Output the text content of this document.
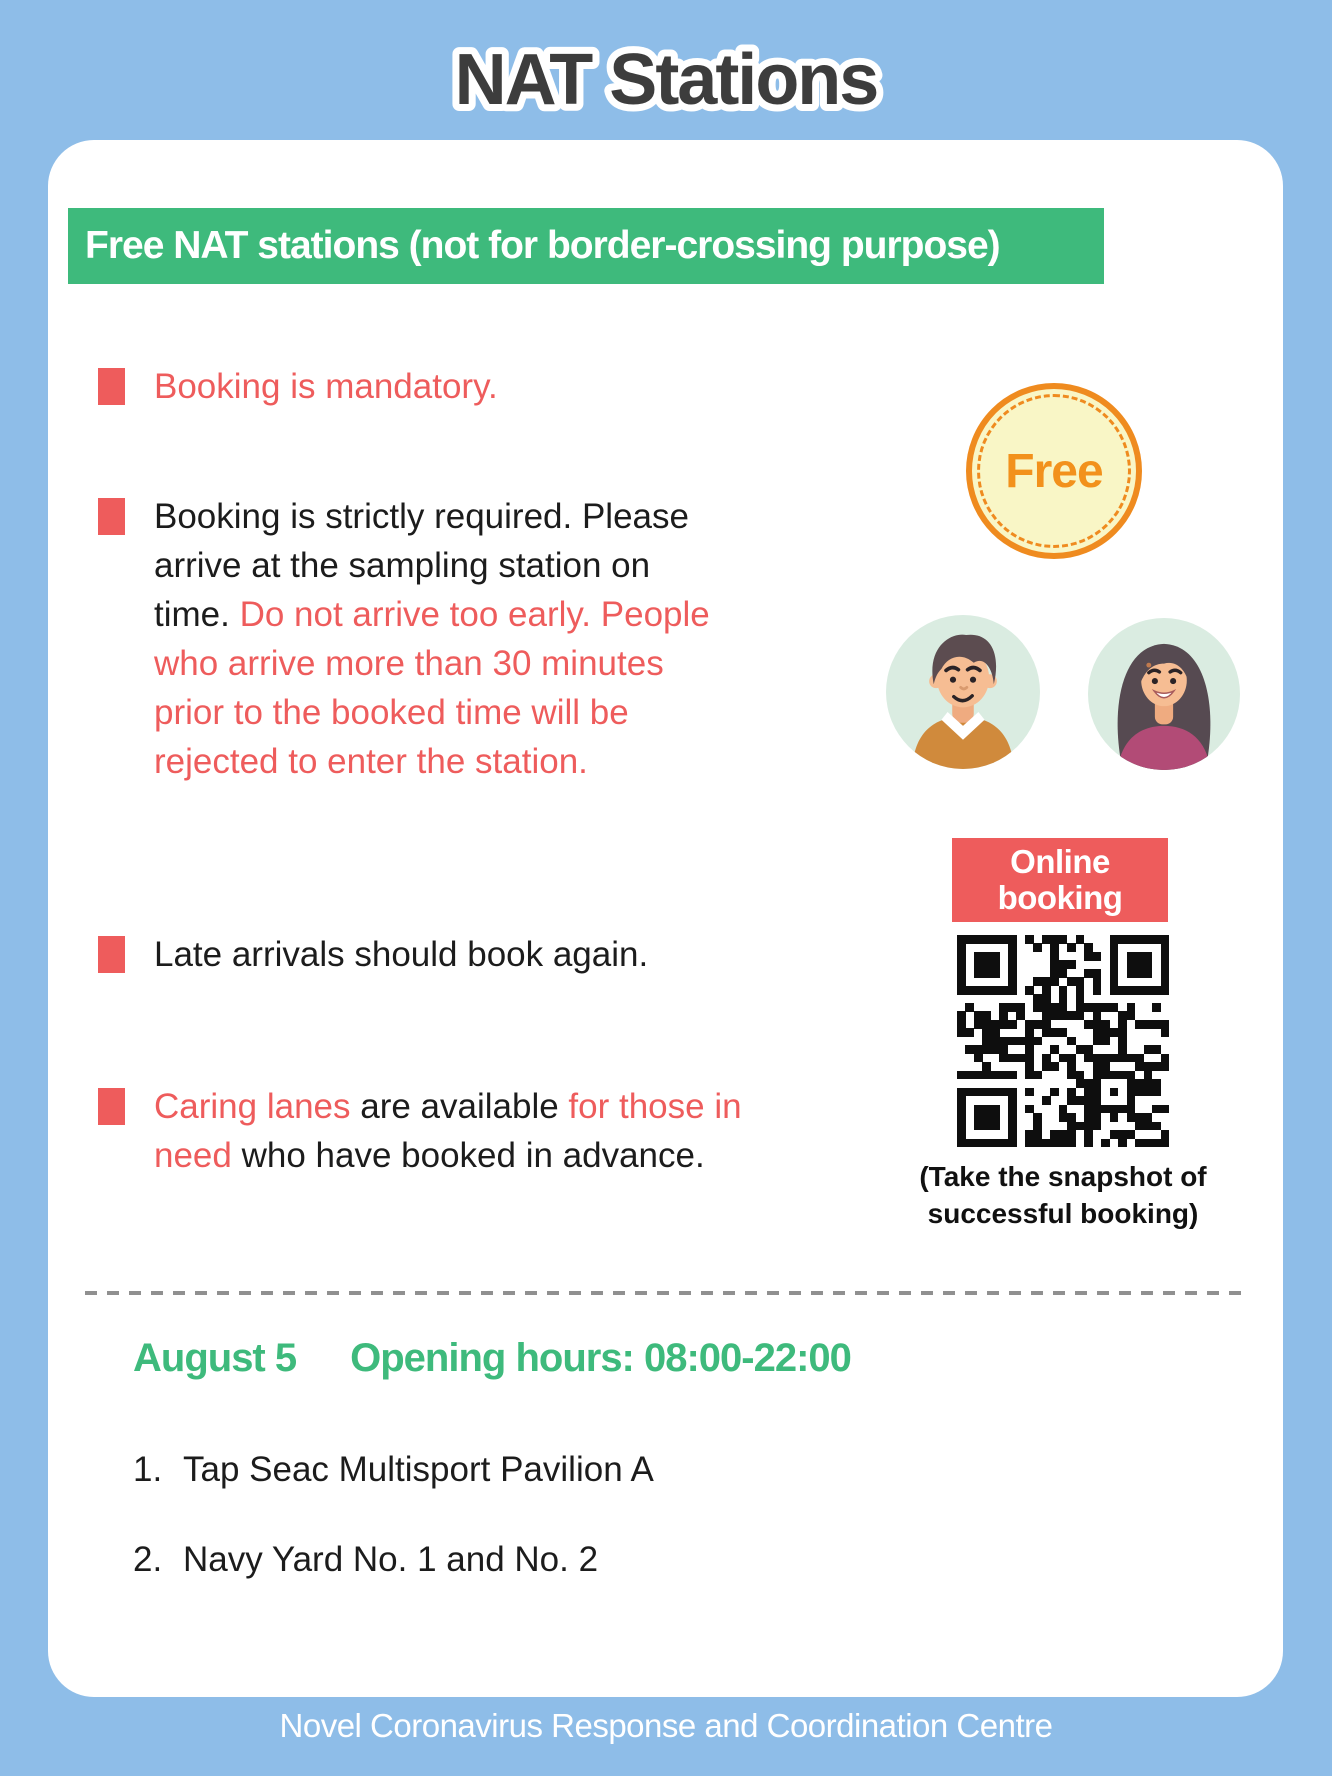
NAT Stations
Free NAT stations (not for border-crossing purpose)

Booking is mandatory.

Booking is strictly required. Please arrive at the sampling station on time. Do not arrive too early. People who arrive more than 30 minutes prior to the booked time will be rejected to enter the station.

Late arrivals should book again.

Caring lanes are available for those in need who have booked in advance.

Free
Online
booking
(Take the snapshot of
successful booking)
August 5 Opening hours: 08:00-22:00
1. Tap Seac Multisport Pavilion A
2. Navy Yard No. 1 and No. 2
Novel Coronavirus Response and Coordination Centre
